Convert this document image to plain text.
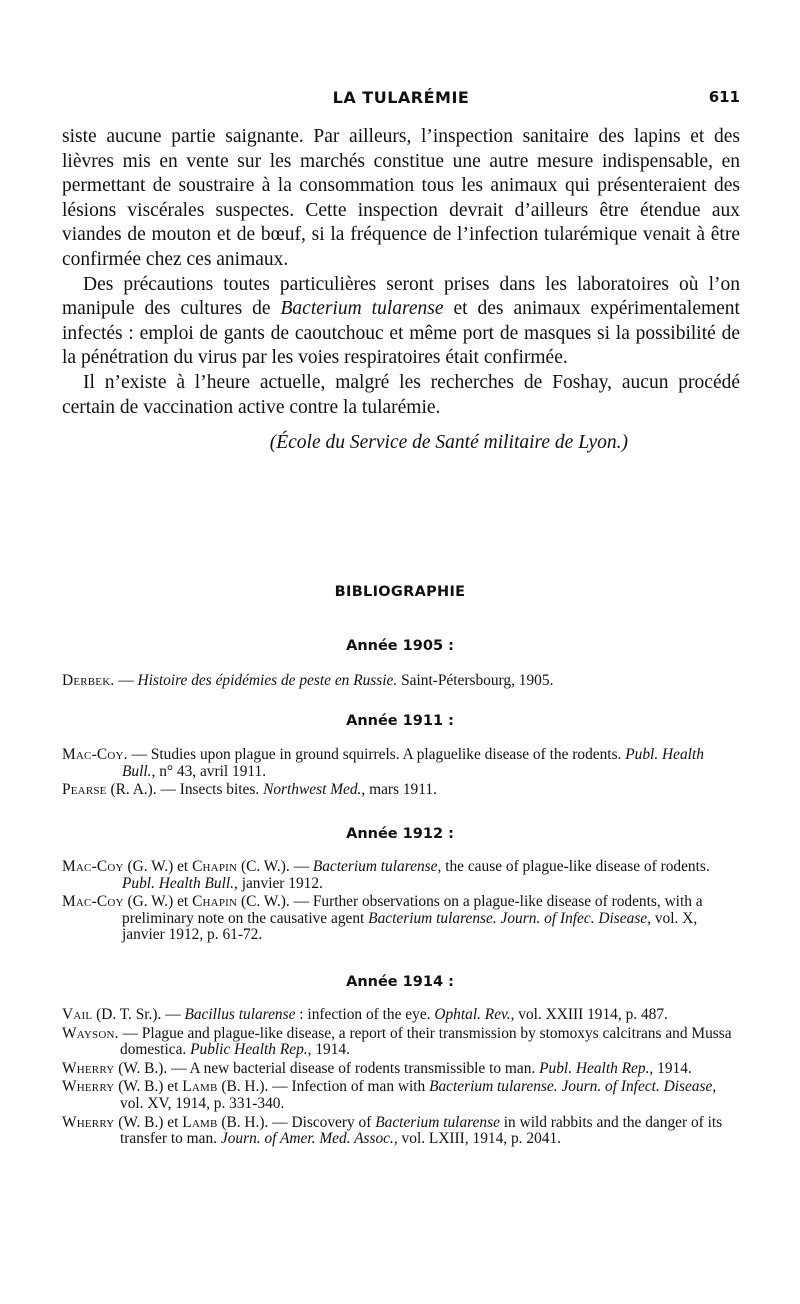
LA TULARÉMIE	611

siste aucune partie saignante. Par ailleurs, l’inspection sanitaire des lapins et des lièvres mis en vente sur les marchés constitue une autre mesure indispensable, en permettant de soustraire à la consommation tous les animaux qui présenteraient des lésions viscérales suspectes. Cette inspection devrait d’ailleurs être étendue aux viandes de mouton et de bœuf, si la fréquence de l’infection tularémique venait à être confirmée chez ces animaux.

Des précautions toutes particulières seront prises dans les laboratoires où l’on manipule des cultures de Bacterium tularense et des animaux expérimentalement infectés : emploi de gants de caoutchouc et même port de masques si la possibilité de la pénétration du virus par les voies respiratoires était confirmée.

Il n’existe à l’heure actuelle, malgré les recherches de Foshay, aucun procédé certain de vaccination active contre la tularémie.

(École du Service de Santé militaire de Lyon.)

BIBLIOGRAPHIE
Année 1905 :
Derbek. — Histoire des épidémies de peste en Russie. Saint-Pétersbourg, 1905.
Année 1911 :
Mac-Coy. — Studies upon plague in ground squirrels. A plaguelike disease of the rodents. Publ. Health Bull., n° 43, avril 1911.
Pearse (R. A.). — Insects bites. Northwest Med., mars 1911.
Année 1912 :
Mac-Coy (G. W.) et Chapin (C. W.). — Bacterium tularense, the cause of plague-like disease of rodents. Publ. Health Bull., janvier 1912.
Mac-Coy (G. W.) et Chapin (C. W.). — Further observations on a plague-like disease of rodents, with a preliminary note on the causative agent Bacterium tularense. Journ. of Infec. Disease, vol. X, janvier 1912, p. 61-72.
Année 1914 :
Vail (D. T. Sr.). — Bacillus tularense : infection of the eye. Ophtal. Rev., vol. XXIII 1914, p. 487.
Wayson. — Plague and plague-like disease, a report of their transmission by stomoxys calcitrans and Mussa domestica. Public Health Rep., 1914.
Wherry (W. B.). — A new bacterial disease of rodents transmissible to man. Publ. Health Rep., 1914.
Wherry (W. B.) et Lamb (B. H.). — Infection of man with Bacterium tularense. Journ. of Infect. Disease, vol. XV, 1914, p. 331-340.
Wherry (W. B.) et Lamb (B. H.). — Discovery of Bacterium tularense in wild rabbits and the danger of its transfer to man. Journ. of Amer. Med. Assoc., vol. LXIII, 1914, p. 2041.
